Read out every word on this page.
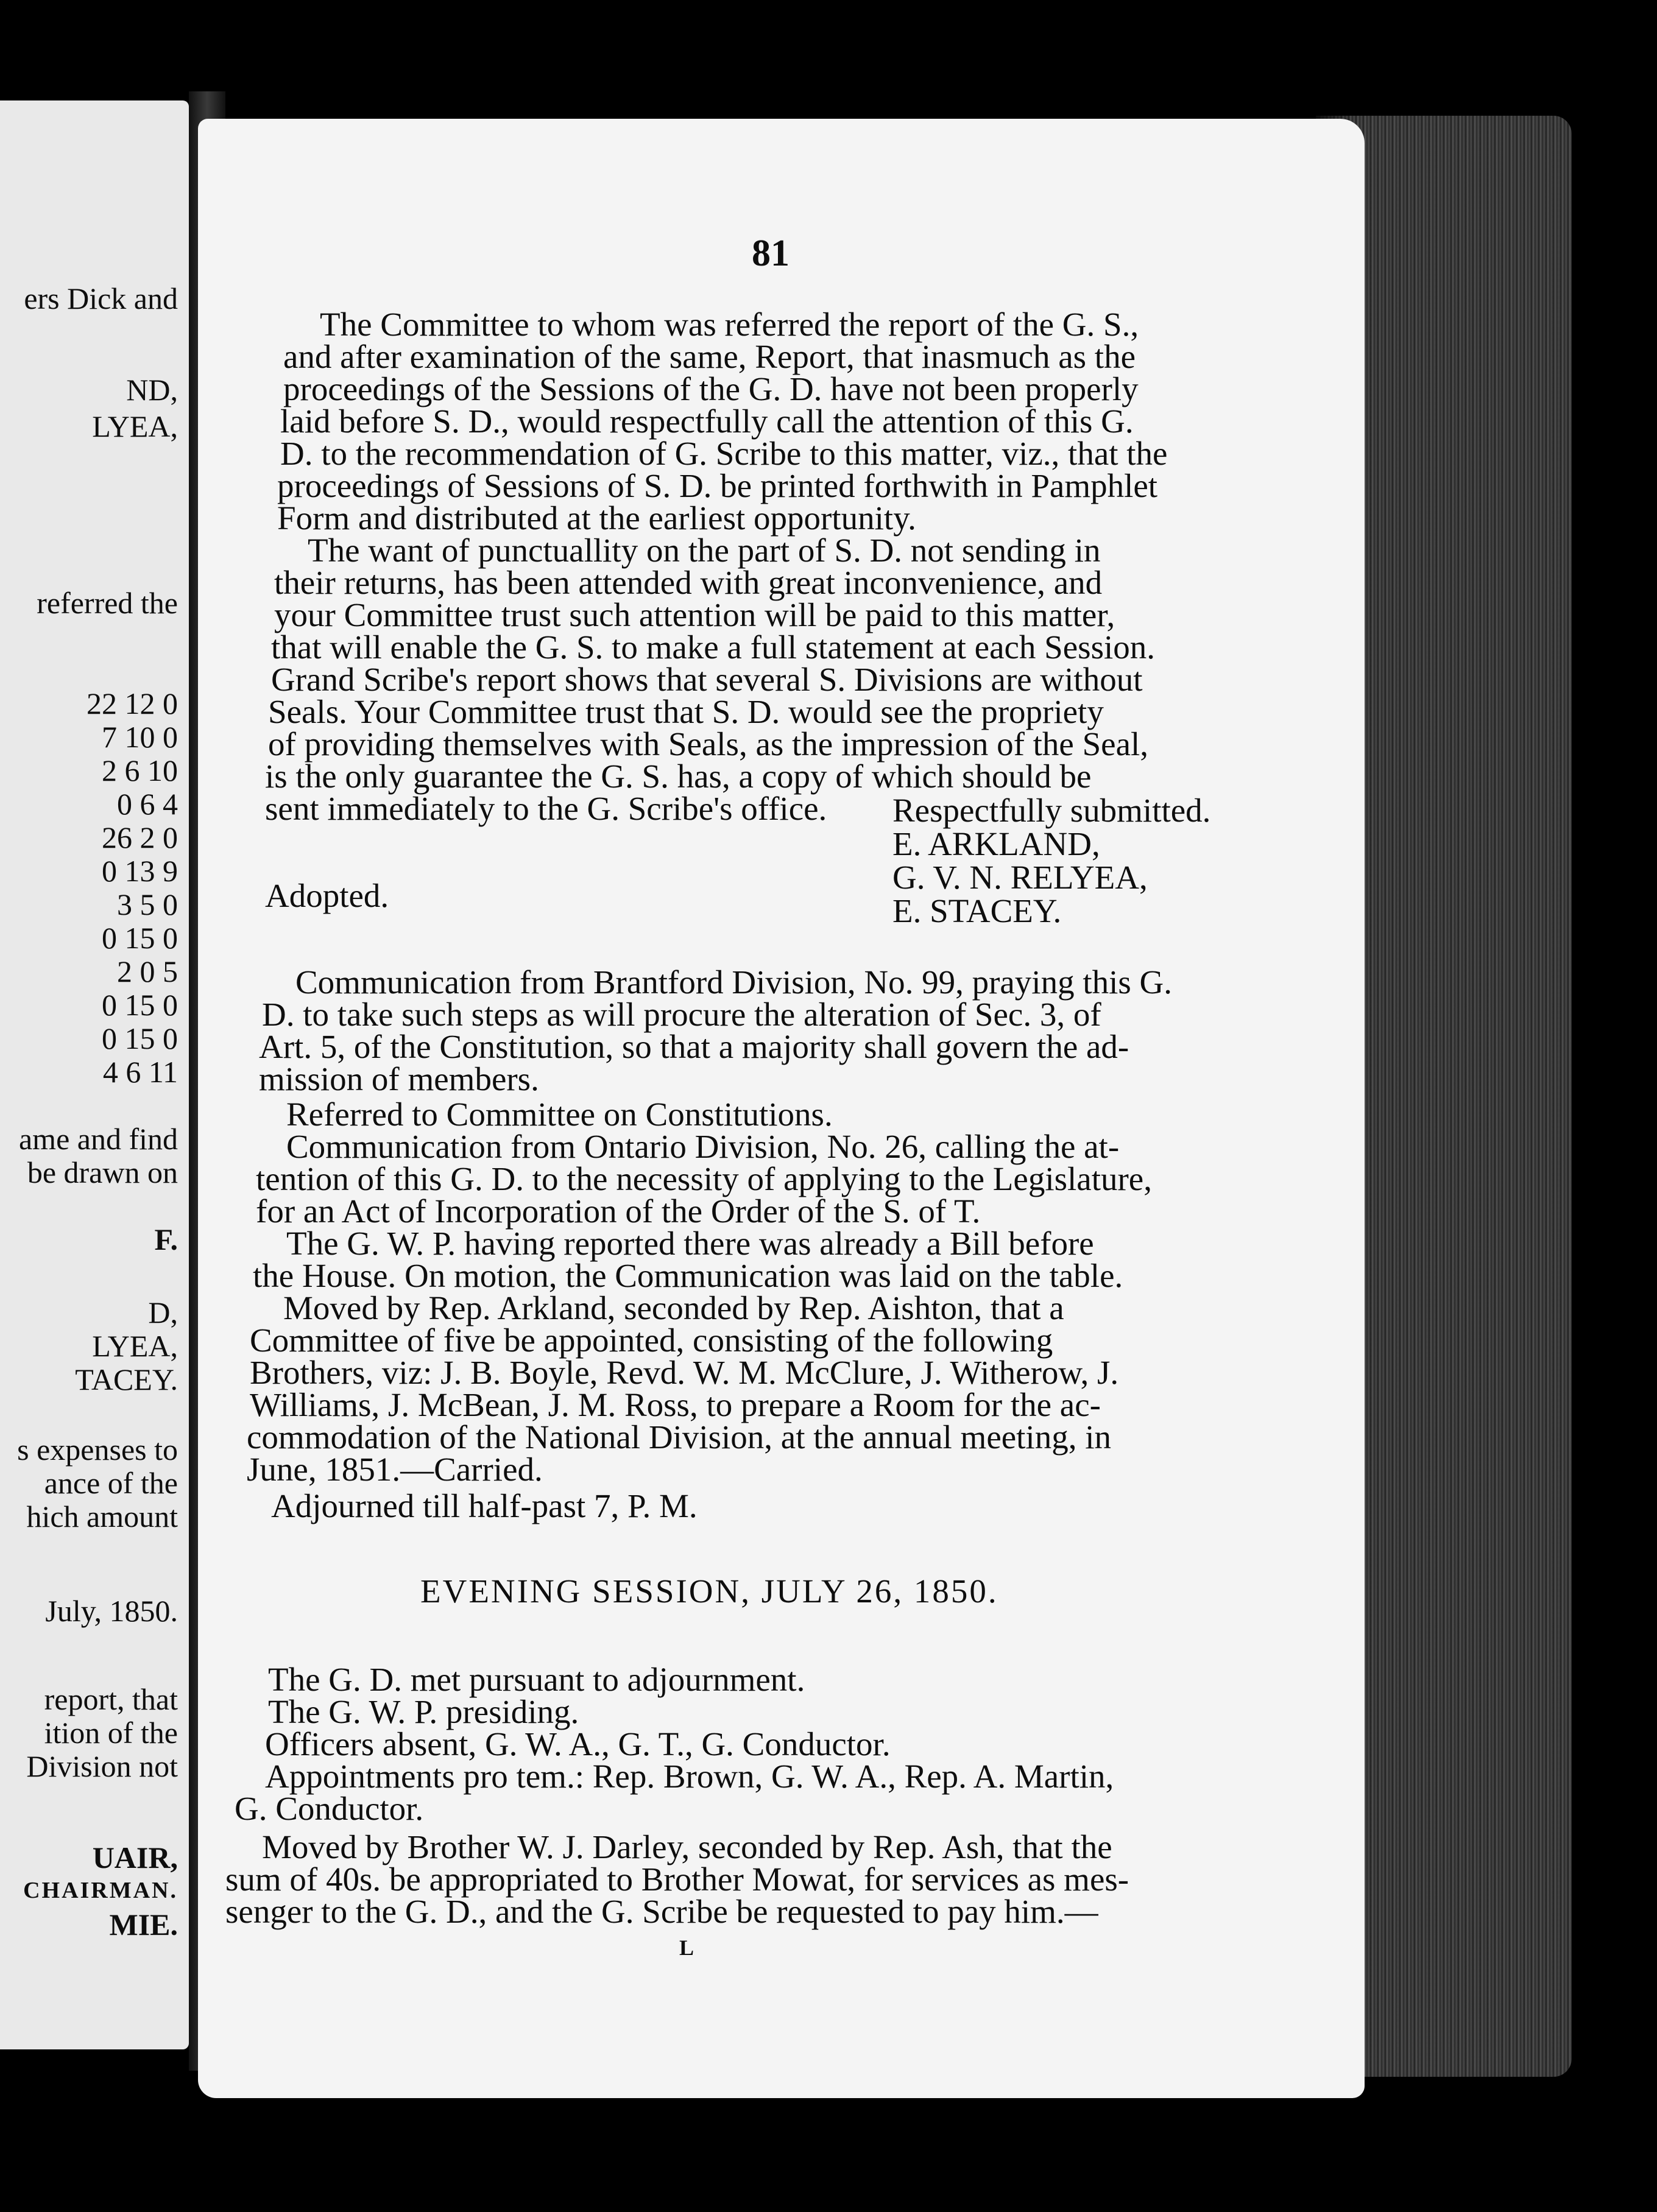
ers Dick and
ND,
LYEA,
referred the
22 12 0
7 10 0
2 6 10
0 6 4
26 2 0
0 13 9
3 5 0
0 15 0
2 0 5
0 15 0
0 15 0
4 6 11
ame and find
be drawn on
F.
D,
LYEA,
TACEY.
s expenses to
ance of the
hich amount
July, 1850.
report, that
ition of the
Division not
UAIR,
CHAIRMAN.
MIE.
81
The Committee to whom was referred the report of the G. S.,
and after examination of the same, Report, that inasmuch as the
proceedings of the Sessions of the G. D. have not been properly
laid before S. D., would respectfully call the attention of this G.
D. to the recommendation of G. Scribe to this matter, viz., that the
proceedings of Sessions of S. D. be printed forthwith in Pamphlet
Form and distributed at the earliest opportunity.
The want of punctuallity on the part of S. D. not sending in
their returns, has been attended with great inconvenience, and
your Committee trust such attention will be paid to this matter,
that will enable the G. S. to make a full statement at each Session.
Grand Scribe's report shows that several S. Divisions are without
Seals. Your Committee trust that S. D. would see the propriety
of providing themselves with Seals, as the impression of the Seal,
is the only guarantee the G. S. has, a copy of which should be
sent immediately to the G. Scribe's office. Respectfully submitted.
E. ARKLAND,
G. V. N. RELYEA,
Adopted.	E. STACEY.
Communication from Brantford Division, No. 99, praying this G.
D. to take such steps as will procure the alteration of Sec. 3, of
Art. 5, of the Constitution, so that a majority shall govern the ad-
mission of members.
Referred to Committee on Constitutions.
Communication from Ontario Division, No. 26, calling the at-
tention of this G. D. to the necessity of applying to the Legislature,
for an Act of Incorporation of the Order of the S. of T.
The G. W. P. having reported there was already a Bill before
the House. On motion, the Communication was laid on the table.
Moved by Rep. Arkland, seconded by Rep. Aishton, that a
Committee of five be appointed, consisting of the following
Brothers, viz: J. B. Boyle, Revd. W. M. McClure, J. Witherow, J.
Williams, J. McBean, J. M. Ross, to prepare a Room for the ac-
commodation of the National Division, at the annual meeting, in
June, 1851.—Carried.
Adjourned till half-past 7, P. M.
EVENING SESSION, JULY 26, 1850.
The G. D. met pursuant to adjournment.
The G. W. P. presiding.
Officers absent, G. W. A., G. T., G. Conductor.
Appointments pro tem.: Rep. Brown, G. W. A., Rep. A. Martin,
G. Conductor.
Moved by Brother W. J. Darley, seconded by Rep. Ash, that the
sum of 40s. be appropriated to Brother Mowat, for services as mes-
senger to the G. D., and the G. Scribe be requested to pay him.—
L
